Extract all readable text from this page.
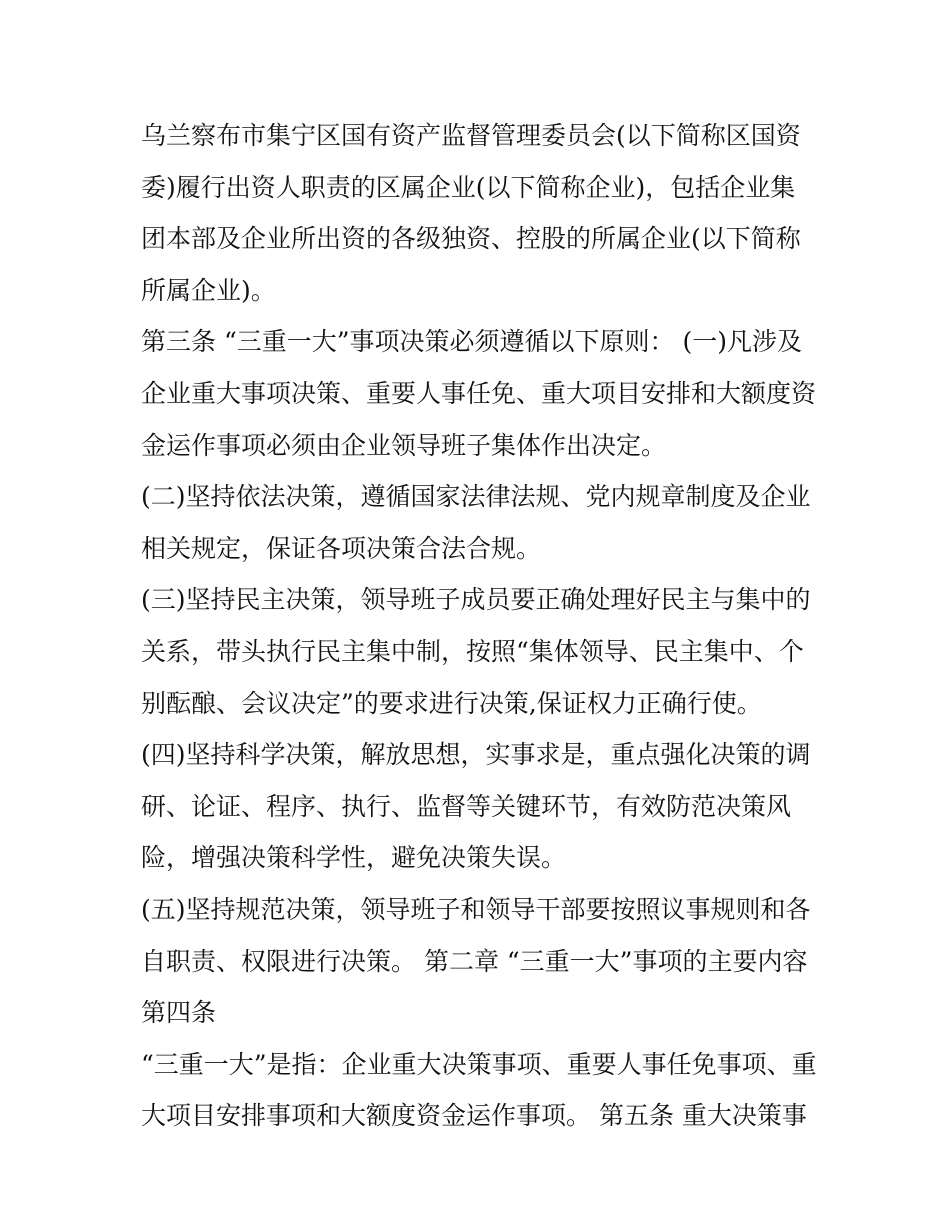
乌兰察布市集宁区国有资产监督管理委员会(以下简称区国资
委)履行出资人职责的区属企业(以下简称企业)，包括企业集
团本部及企业所出资的各级独资、控股的所属企业(以下简称
所属企业)。
第三条 “三重一大”事项决策必须遵循以下原则： (一)凡涉及
企业重大事项决策、重要人事任免、重大项目安排和大额度资
金运作事项必须由企业领导班子集体作出决定。
(二)坚持依法决策，遵循国家法律法规、党内规章制度及企业
相关规定，保证各项决策合法合规。
(三)坚持民主决策，领导班子成员要正确处理好民主与集中的
关系，带头执行民主集中制，按照“集体领导、民主集中、个
别酝酿、会议决定”的要求进行决策,保证权力正确行使。
(四)坚持科学决策，解放思想，实事求是，重点强化决策的调
研、论证、程序、执行、监督等关键环节，有效防范决策风
险，增强决策科学性，避免决策失误。
(五)坚持规范决策，领导班子和领导干部要按照议事规则和各
自职责、权限进行决策。 第二章 “三重一大”事项的主要内容
第四条
“三重一大”是指：企业重大决策事项、重要人事任免事项、重
大项目安排事项和大额度资金运作事项。 第五条 重大决策事
